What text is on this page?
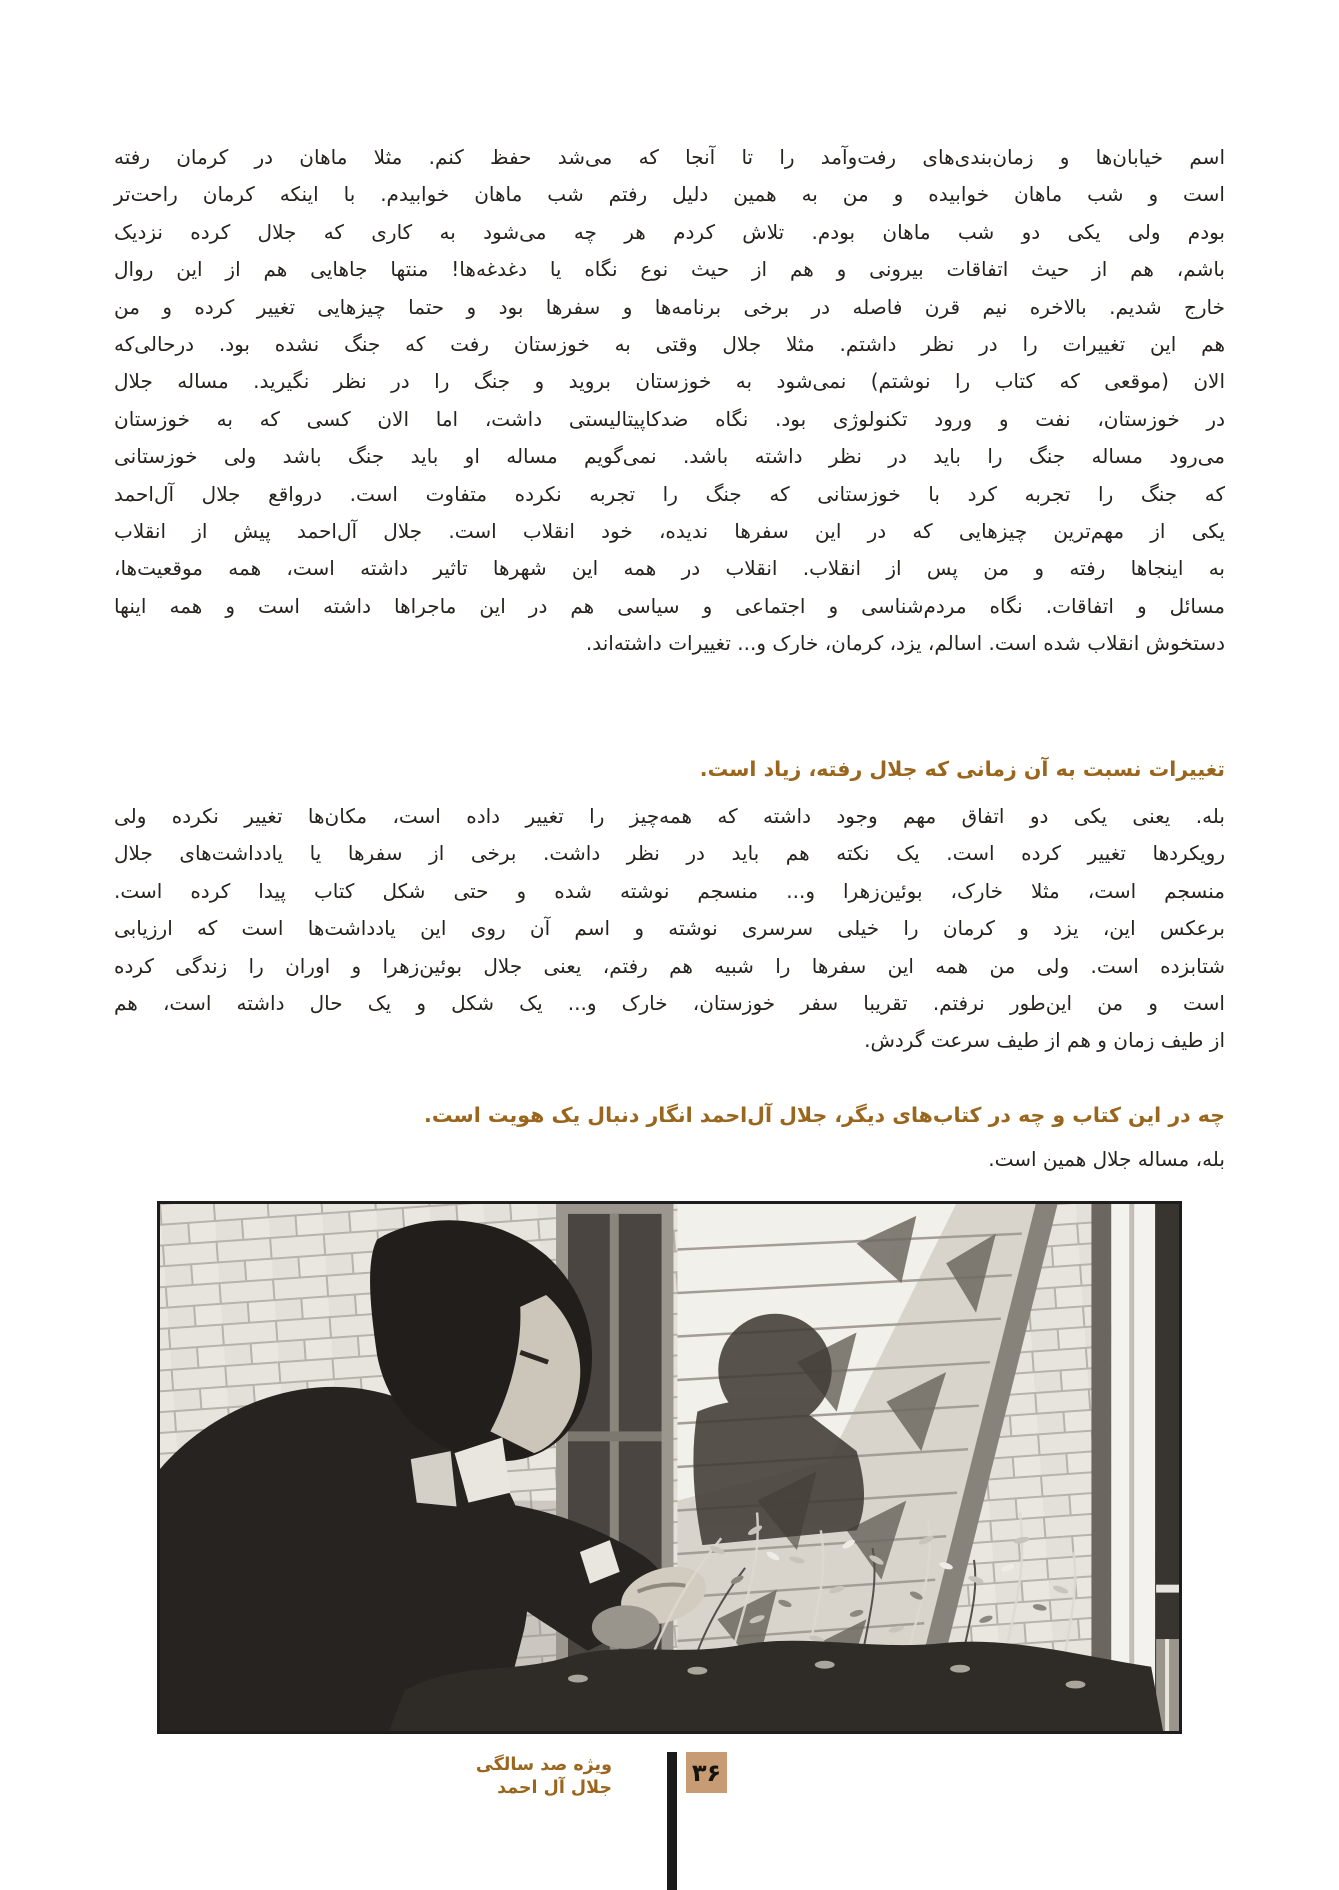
اسم خیابان‌ها و زمان‌بندی‌های رفت‌وآمد را تا آنجا که می‌شد حفظ کنم. مثلا ماهان در کرمان رفته
است و شب ماهان خوابیده و من به همین دلیل رفتم شب ماهان خوابیدم. با اینکه کرمان راحت‌تر
بودم ولی یکی دو شب ماهان بودم. تلاش کردم هر چه می‌شود به کاری که جلال کرده نزدیک
باشم، هم از حیث اتفاقات بیرونی و هم از حیث نوع نگاه یا دغدغه‌ها! منتها جاهایی هم از این روال
خارج شدیم. بالاخره نیم قرن فاصله در برخی برنامه‌ها و سفرها بود و حتما چیزهایی تغییر کرده و من
هم این تغییرات را در نظر داشتم. مثلا جلال وقتی به خوزستان رفت که جنگ نشده بود. درحالی‌که
الان (موقعی که کتاب را نوشتم) نمی‌شود به خوزستان بروید و جنگ را در نظر نگیرید. مساله جلال
در خوزستان، نفت و ورود تکنولوژی بود. نگاه ضدکاپیتالیستی داشت، اما الان کسی که به خوزستان
می‌رود مساله جنگ را باید در نظر داشته باشد. نمی‌گویم مساله او باید جنگ باشد ولی خوزستانی
که جنگ را تجربه کرد با خوزستانی که جنگ را تجربه نکرده متفاوت است. درواقع جلال آل‌احمد
یکی از مهم‌ترین چیزهایی که در این سفرها ندیده، خود انقلاب است. جلال آل‌احمد پیش از انقلاب
به اینجاها رفته و من پس از انقلاب. انقلاب در همه این شهرها تاثیر داشته است، همه موقعیت‌ها،
مسائل و اتفاقات. نگاه مردم‌شناسی و اجتماعی و سیاسی هم در این ماجراها داشته است و همه اینها
دستخوش انقلاب شده است. اسالم، یزد، کرمان، خارک و... تغییرات داشته‌اند.
تغییرات نسبت به آن زمانی که جلال رفته، زیاد است.
بله. یعنی یکی دو اتفاق مهم وجود داشته که همه‌چیز را تغییر داده است، مکان‌ها تغییر نکرده ولی
رویکردها تغییر کرده است. یک نکته هم باید در نظر داشت. برخی از سفرها یا یادداشت‌های جلال
منسجم است، مثلا خارک، بوئین‌زهرا و... منسجم نوشته شده و حتی شکل کتاب پیدا کرده است.
برعکس این، یزد و کرمان را خیلی سرسری نوشته و اسم آن روی این یادداشت‌ها است که ارزیابی
شتابزده است. ولی من همه این سفرها را شبیه هم رفتم، یعنی جلال بوئین‌زهرا و اوران را زندگی کرده
است و من این‌طور نرفتم. تقریبا سفر خوزستان، خارک و... یک شکل و یک حال داشته است، هم
از طیف زمان و هم از طیف سرعت گردش.
چه در این کتاب و چه در کتاب‌های دیگر، جلال آل‌احمد انگار دنبال یک هویت است.

بله، مساله جلال همین است.

ویژه صد سالگی
جلال آل احمد
۳۶
